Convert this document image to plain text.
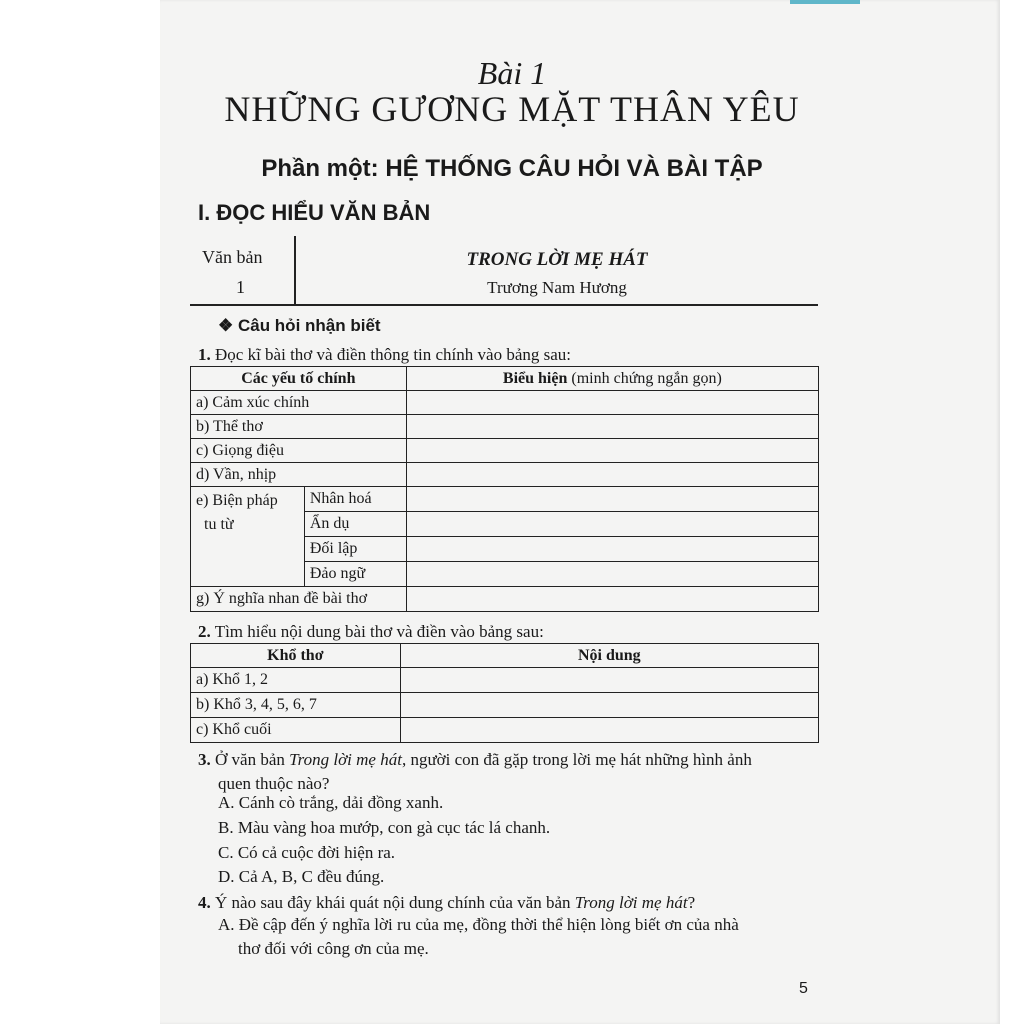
Bài 1
NHỮNG GƯƠNG MẶT THÂN YÊU
Phần một: HỆ THỐNG CÂU HỎI VÀ BÀI TẬP
I. ĐỌC HIỂU VĂN BẢN
Văn bản
1
TRONG LỜI MẸ HÁT
Trương Nam Hương
❖ Câu hỏi nhận biết
1. Đọc kĩ bài thơ và điền thông tin chính vào bảng sau:
Các yếu tố chính		Biểu hiện (minh chứng ngắn gọn)
a) Cảm xúc chính		
b) Thể thơ		
c) Giọng điệu		
d) Vần, nhịp		
e) Biện pháp
tu từ	Nhân hoá	
	Ẩn dụ	
	Đối lập	
	Đảo ngữ	
g) Ý nghĩa nhan đề bài thơ		
2. Tìm hiểu nội dung bài thơ và điền vào bảng sau:
Khổ thơ	Nội dung
a) Khổ 1, 2	
b) Khổ 3, 4, 5, 6, 7	
c) Khổ cuối	
3. Ở văn bản Trong lời mẹ hát, người con đã gặp trong lời mẹ hát những hình ảnh
quen thuộc nào?
A. Cánh cò trắng, dải đồng xanh.
B. Màu vàng hoa mướp, con gà cục tác lá chanh.
C. Có cả cuộc đời hiện ra.
D. Cả A, B, C đều đúng.
4. Ý nào sau đây khái quát nội dung chính của văn bản Trong lời mẹ hát?
A. Đề cập đến ý nghĩa lời ru của mẹ, đồng thời thể hiện lòng biết ơn của nhà
thơ đối với công ơn của mẹ.
5
